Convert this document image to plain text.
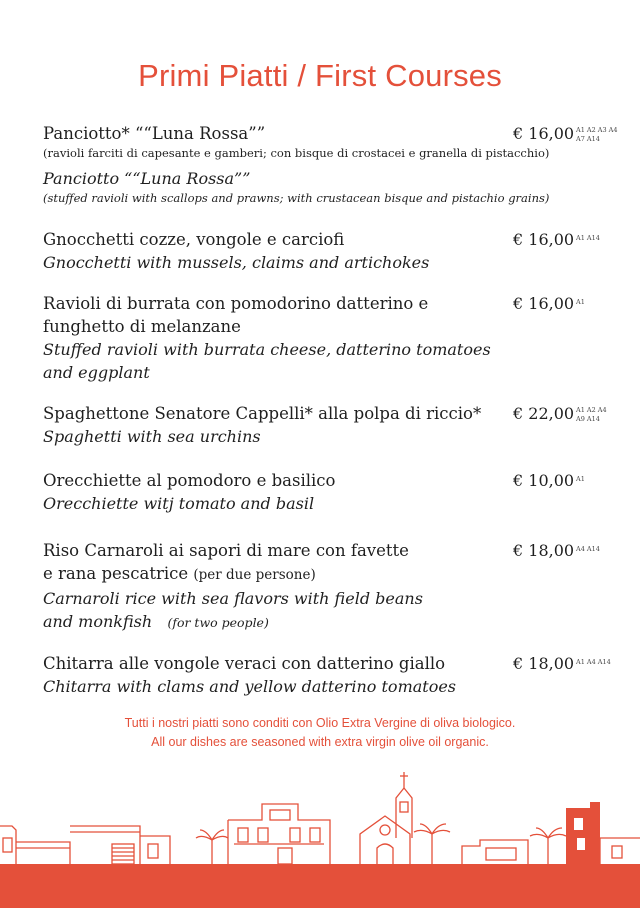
Primi Piatti / First Courses
Panciotto* ““Luna Rossa””
(ravioli farciti di capesante e gamberi; con bisque di crostacei e granella di pistacchio)
Panciotto ““Luna Rossa””
(stuffed ravioli with scallops and prawns; with crustacean bisque and pistachio grains)
€ 16,00 A1 A2 A3 A4
A7 A14
Gnocchetti cozze, vongole e carciofi
Gnocchetti with mussels, claims and artichokes
€ 16,00 A1 A14
Ravioli di burrata con pomodorino datterino e
funghetto di melanzane
Stuffed ravioli with burrata cheese, datterino tomatoes
and eggplant
€ 16,00 A1
Spaghettone Senatore Cappelli* alla polpa di riccio*
Spaghetti with sea urchins
€ 22,00 A1 A2 A4
A9 A14
Orecchiette al pomodoro e basilico
Orecchiette witj tomato and basil
€ 10,00 A1
Riso Carnaroli ai sapori di mare con favette
e rana pescatrice (per due persone)
Carnaroli rice with sea flavors with field beans
and monkfish (for two people)
€ 18,00 A4 A14
Chitarra alle vongole veraci con datterino giallo
Chitarra with clams and yellow datterino tomatoes
€ 18,00 A1 A4 A14
Tutti i nostri piatti sono conditi con Olio Extra Vergine di oliva biologico.
All our dishes are seasoned with extra virgin olive oil organic.
